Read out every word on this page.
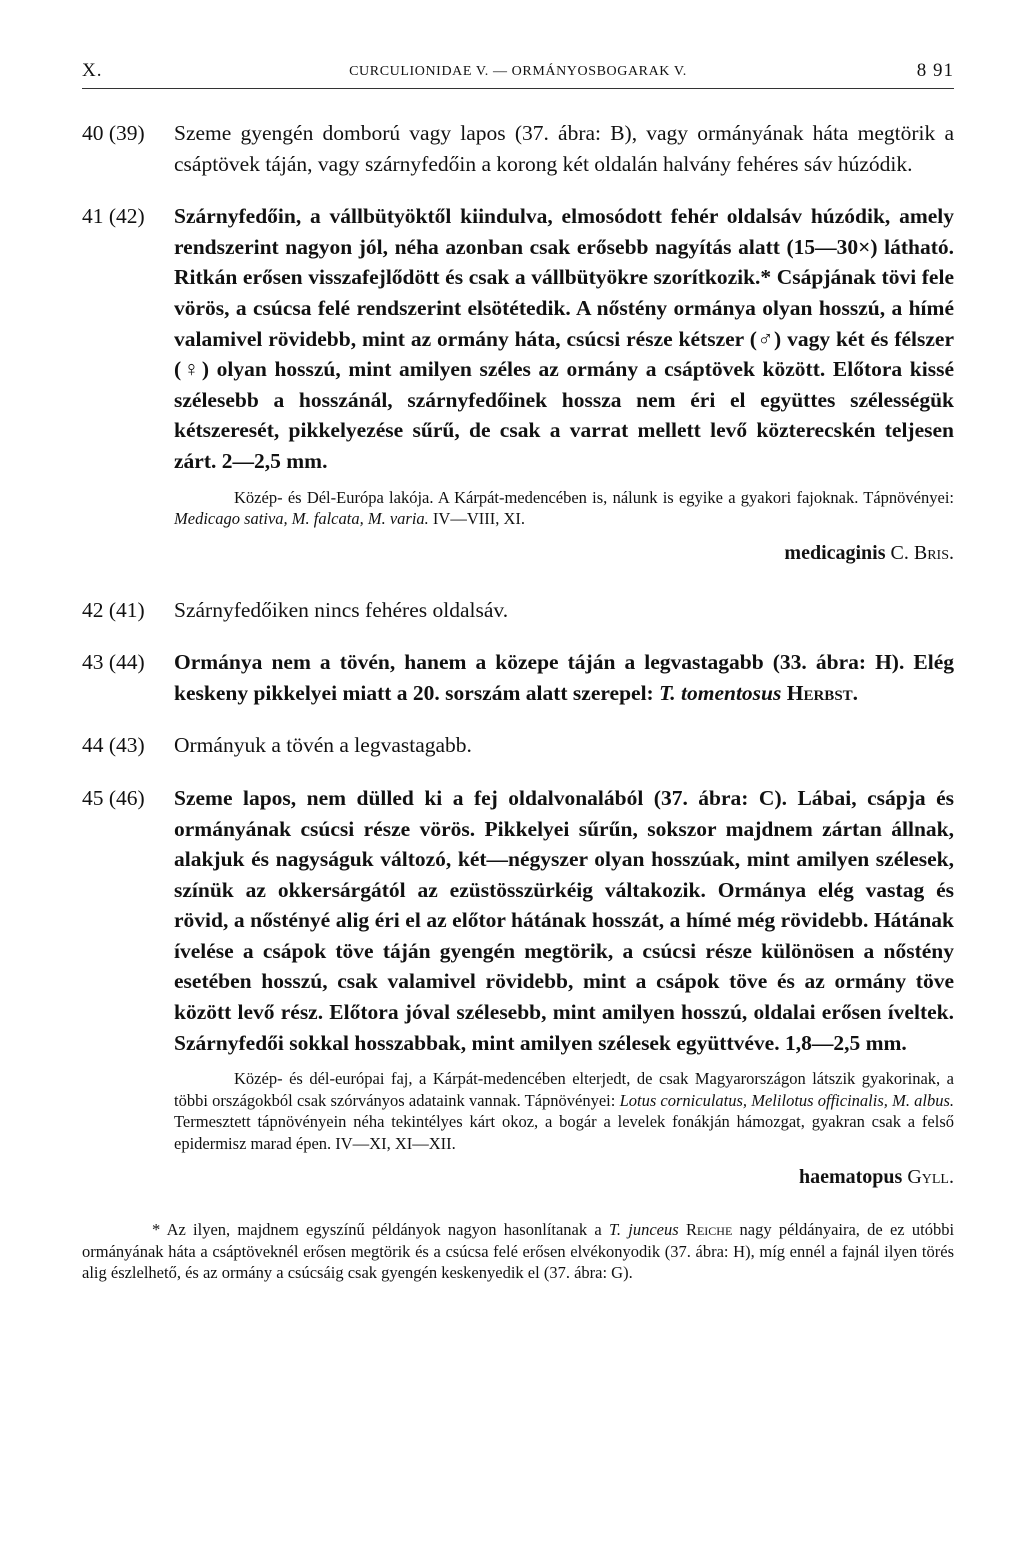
X.	CURCULIONIDAE V. — ORMÁNYOSBOGARAK V.	8 91
40 (39) Szeme gyengén domború vagy lapos (37. ábra: B), vagy ormányának háta megtörik a csáptövek táján, vagy szárnyfedőin a korong két oldalán halvány fehéres sáv húzódik.
41 (42) Szárnyfedőin, a vállbütyöktől kiindulva, elmosódott fehér oldalsáv húzódik, amely rendszerint nagyon jól, néha azonban csak erősebb nagyítás alatt (15—30×) látható. Ritkán erősen visszafejlődött és csak a vállbütyökre szorítkozik.* Csápjának tövi fele vörös, a csúcsa felé rendszerint elsötétedik. A nőstény ormánya olyan hosszú, a hímé valamivel rövidebb, mint az ormány háta, csúcsi része kétszer (♂) vagy két és félszer (♀) olyan hosszú, mint amilyen széles az ormány a csáptövek között. Előtora kissé szélesebb a hosszánál, szárnyfedőinek hossza nem éri el együttes szélességük kétszeresét, pikkelyezése sűrű, de csak a varrat mellett levő közterecskén teljesen zárt. 2—2,5 mm.
Közép- és Dél-Európa lakója. A Kárpát-medencében is, nálunk is egyike a gyakori fajoknak. Tápnövényei: Medicago sativa, M. falcata, M. varia. IV—VIII, XI.
medicaginis C. Bris.
42 (41) Szárnyfedőiken nincs fehéres oldalsáv.
43 (44) Ormánya nem a tövén, hanem a közepe táján a legvastagabb (33. ábra: H). Elég keskeny pikkelyei miatt a 20. sorszám alatt szerepel: T. tomentosus Herbst.
44 (43) Ormányuk a tövén a legvastagabb.
45 (46) Szeme lapos, nem dülled ki a fej oldalvonalából (37. ábra: C). Lábai, csápja és ormányának csúcsi része vörös. Pikkelyei sűrűn, sokszor majdnem zártan állnak, alakjuk és nagyságuk változó, két—négyszer olyan hosszúak, mint amilyen szélesek, színük az okkersárgától az ezüstösszürkéig váltakozik. Ormánya elég vastag és rövid, a nőstényé alig éri el az előtor hátának hosszát, a hímé még rövidebb. Hátának ívelése a csápok töve táján gyengén megtörik, a csúcsi része különösen a nőstény esetében hosszú, csak valamivel rövidebb, mint a csápok töve és az ormány töve között levő rész. Előtora jóval szélesebb, mint amilyen hosszú, oldalai erősen íveltek. Szárnyfedői sokkal hosszabbak, mint amilyen szélesek együttvéve. 1,8—2,5 mm.
Közép- és dél-európai faj, a Kárpát-medencében elterjedt, de csak Magyarországon látszik gyakorinak, a többi országokból csak szórványos adataink vannak. Tápnövényei: Lotus corniculatus, Melilotus officinalis, M. albus. Termesztett tápnövényein néha tekintélyes kárt okoz, a bogár a levelek fonákján hámozgat, gyakran csak a felső epidermisz marad épen. IV—XI, XI—XII.
haematopus Gyll.
* Az ilyen, majdnem egyszínű példányok nagyon hasonlítanak a T. junceus Reiche nagy példányaira, de ez utóbbi ormányának háta a csáptöveknél erősen megtörik és a csúcsa felé erősen elvékonyodik (37. ábra: H), míg ennél a fajnál ilyen törés alig észlelhető, és az ormány a csúcsáig csak gyengén keskenyedik el (37. ábra: G).
